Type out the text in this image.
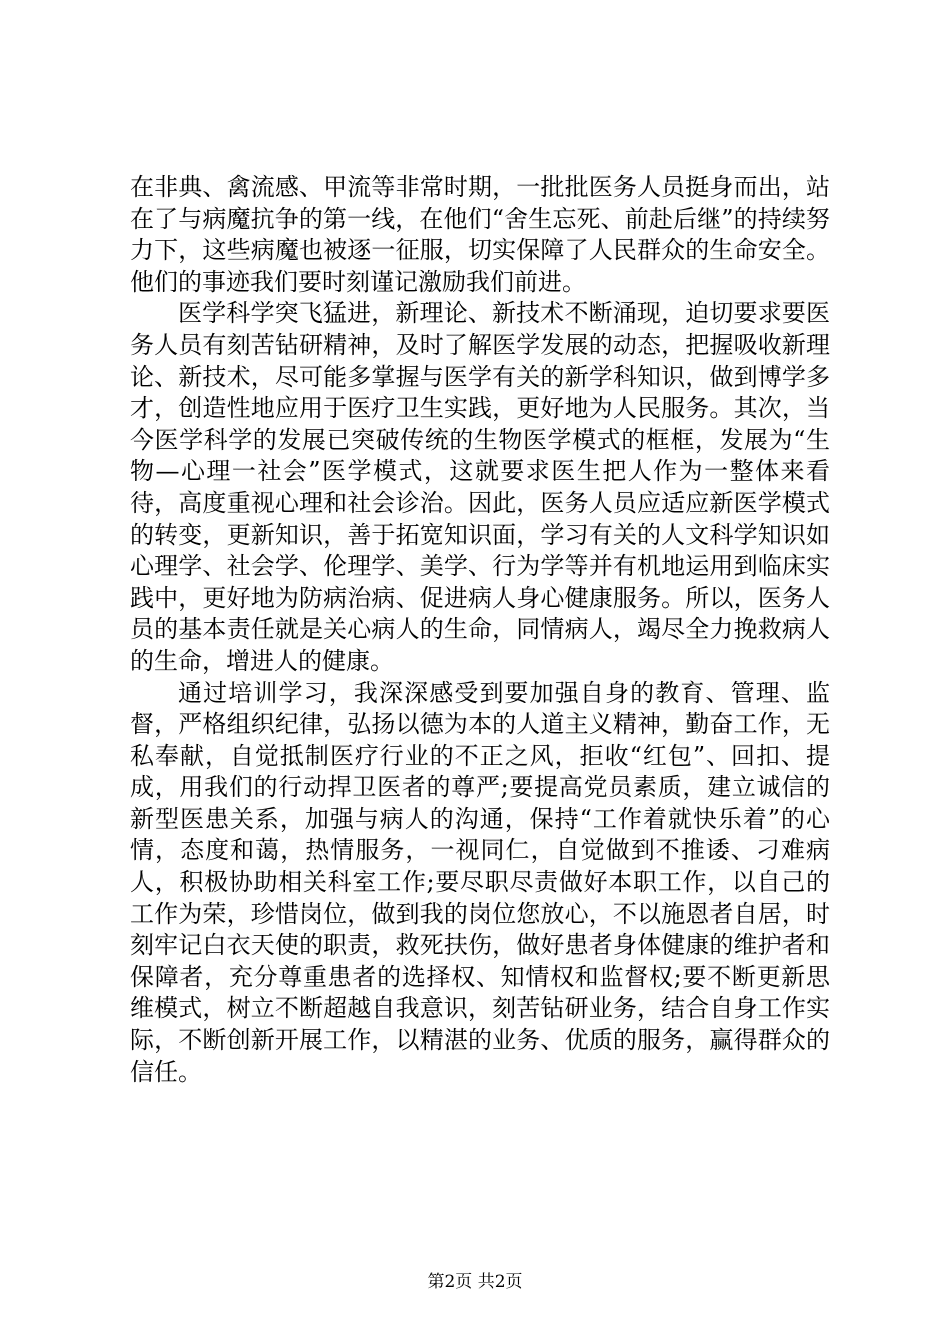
在非典、禽流感、甲流等非常时期，一批批医务人员挺身而出，站在了与病魔抗争的第一线，在他们“舍生忘死、前赴后继”的持续努力下，这些病魔也被逐一征服，切实保障了人民群众的生命安全。他们的事迹我们要时刻谨记激励我们前进。

医学科学突飞猛进，新理论、新技术不断涌现，迫切要求要医务人员有刻苦钻研精神，及时了解医学发展的动态，把握吸收新理论、新技术，尽可能多掌握与医学有关的新学科知识，做到博学多才，创造性地应用于医疗卫生实践，更好地为人民服务。其次，当今医学科学的发展已突破传统的生物医学模式的框框，发展为“生物—心理一社会”医学模式，这就要求医生把人作为一整体来看待，高度重视心理和社会诊治。因此，医务人员应适应新医学模式的转变，更新知识，善于拓宽知识面，学习有关的人文科学知识如心理学、社会学、伦理学、美学、行为学等并有机地运用到临床实践中，更好地为防病治病、促进病人身心健康服务。所以，医务人员的基本责任就是关心病人的生命，同情病人，竭尽全力挽救病人的生命，增进人的健康。

通过培训学习，我深深感受到要加强自身的教育、管理、监督，严格组织纪律，弘扬以德为本的人道主义精神，勤奋工作，无私奉献，自觉抵制医疗行业的不正之风，拒收“红包”、回扣、提成，用我们的行动捍卫医者的尊严;要提高党员素质，建立诚信的新型医患关系，加强与病人的沟通，保持“工作着就快乐着”的心情，态度和蔼，热情服务，一视同仁，自觉做到不推诿、刁难病人，积极协助相关科室工作;要尽职尽责做好本职工作，以自己的工作为荣，珍惜岗位，做到我的岗位您放心，不以施恩者自居，时刻牢记白衣天使的职责，救死扶伤，做好患者身体健康的维护者和保障者，充分尊重患者的选择权、知情权和监督权;要不断更新思维模式，树立不断超越自我意识，刻苦钻研业务，结合自身工作实际，不断创新开展工作，以精湛的业务、优质的服务，赢得群众的信任。

第2页 共2页
